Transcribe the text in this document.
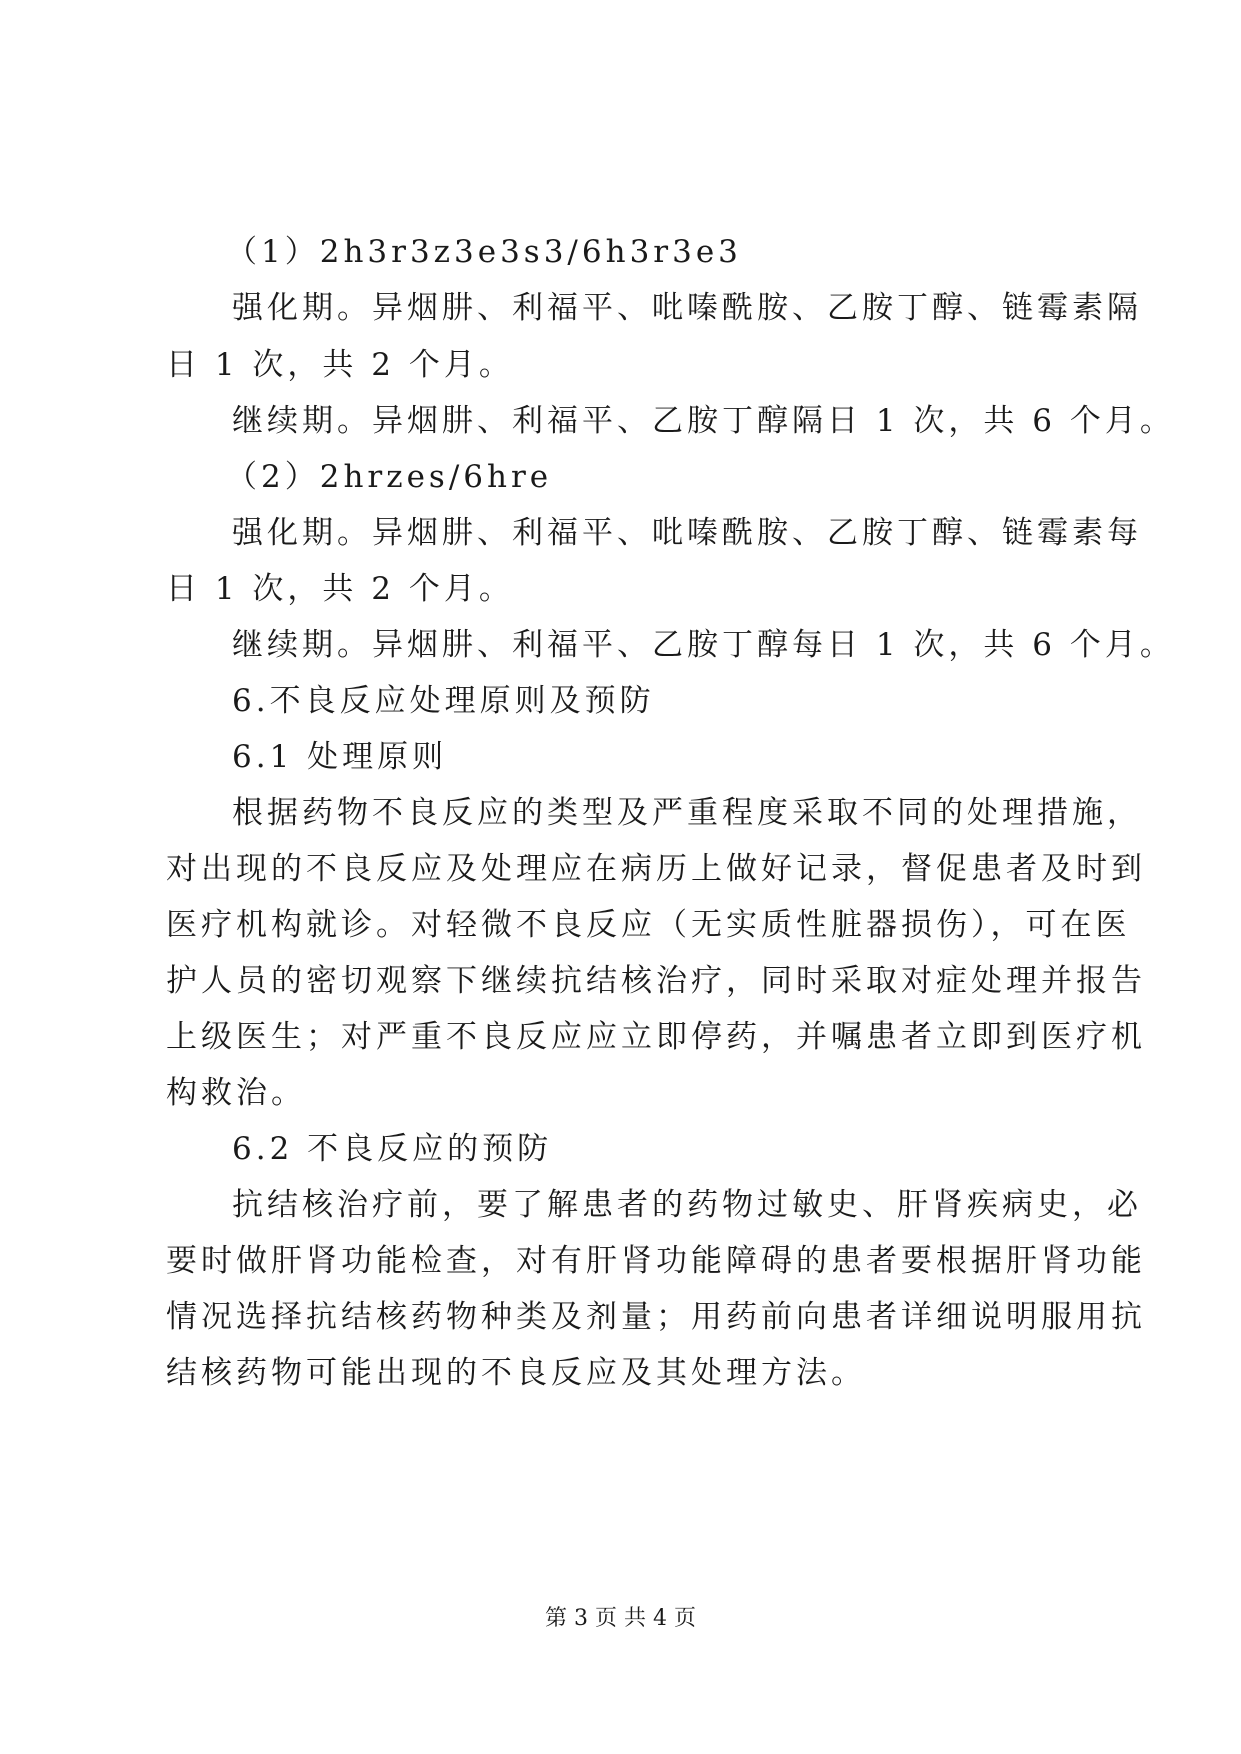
（1）2h3r3z3e3s3/6h3r3e3
强化期。异烟肼、利福平、吡嗪酰胺、乙胺丁醇、链霉素隔
日 1 次，共 2 个月。
继续期。异烟肼、利福平、乙胺丁醇隔日 1 次，共 6 个月。
（2）2hrzes/6hre
强化期。异烟肼、利福平、吡嗪酰胺、乙胺丁醇、链霉素每
日 1 次，共 2 个月。
继续期。异烟肼、利福平、乙胺丁醇每日 1 次，共 6 个月。
6.不良反应处理原则及预防
6.1 处理原则
根据药物不良反应的类型及严重程度采取不同的处理措施，
对出现的不良反应及处理应在病历上做好记录，督促患者及时到
医疗机构就诊。对轻微不良反应（无实质性脏器损伤），可在医
护人员的密切观察下继续抗结核治疗，同时采取对症处理并报告
上级医生；对严重不良反应应立即停药，并嘱患者立即到医疗机
构救治。
6.2 不良反应的预防
抗结核治疗前，要了解患者的药物过敏史、肝肾疾病史，必
要时做肝肾功能检查，对有肝肾功能障碍的患者要根据肝肾功能
情况选择抗结核药物种类及剂量；用药前向患者详细说明服用抗
结核药物可能出现的不良反应及其处理方法。
第 3 页 共 4 页
